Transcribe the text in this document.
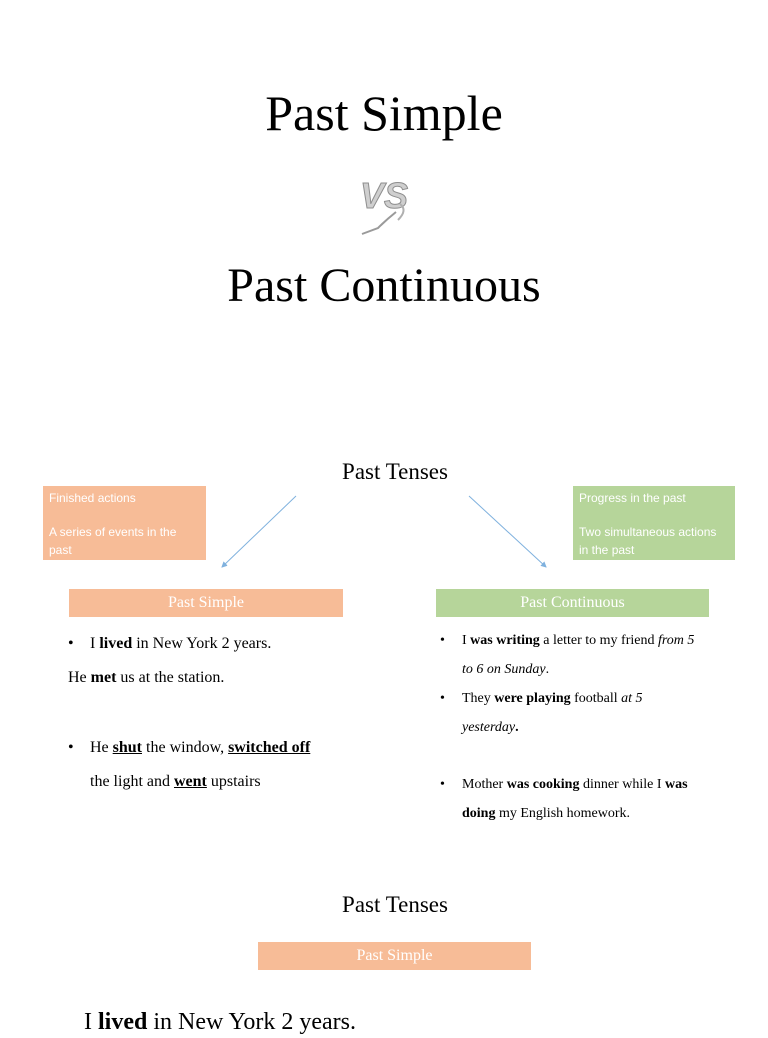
Past Simple
VS
Past Continuous
Past Tenses

Finished actions

A series of events in the past

Progress in the past

Two simultaneous actions in the past

Past Simple	Past Continuous
•	I lived in New York 2 years.
He met us at the station.
•	He shut the window, switched off
the light and went upstairs
•	I was writing a letter to my friend from 5
to 6 on Sunday.
•	They were playing football at 5
yesterday.
•	Mother was cooking dinner while I was
doing my English homework.
Past Tenses
Past Simple
I lived in New York 2 years.
